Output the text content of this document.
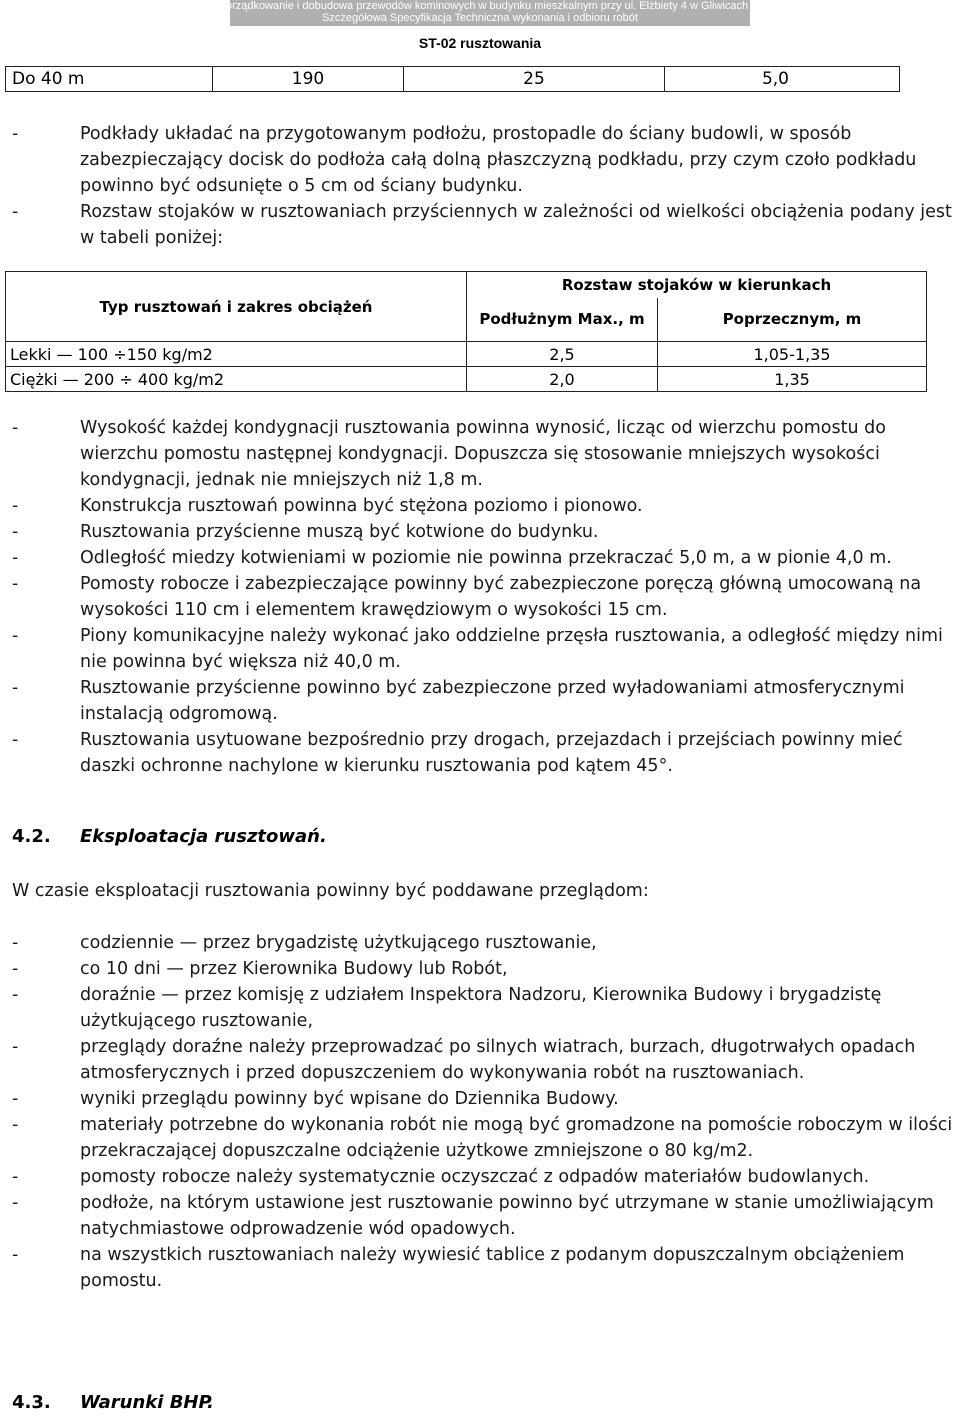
Uporządkowanie i dobudowa przewodów kominowych w budynku mieszkalnym przy ul. Elżbiety 4 w Gliwicach
Szczegółowa Specyfikacja Techniczna wykonania i odbioru robót
ST-02 rusztowania
Do 40 m	190	25	5,0
-	Podkłady układać na przygotowanym podłożu, prostopadle do ściany budowli, w sposób zabezpieczający docisk do podłoża całą dolną płaszczyzną podkładu, przy czym czoło podkładu powinno być odsunięte o 5 cm od ściany budynku.
-	Rozstaw stojaków w rusztowaniach przyściennych w zależności od wielkości obciążenia podany jest w tabeli poniżej:
Typ rusztowań i zakres obciążeń	Rozstaw stojaków w kierunkach	
	Podłużnym Max., m	Poprzecznym, m
Lekki — 100 ÷150 kg/m2	2,5	1,05-1,35
Ciężki — 200 ÷ 400 kg/m2	2,0	1,35
-	Wysokość każdej kondygnacji rusztowania powinna wynosić, licząc od wierzchu pomostu do wierzchu pomostu następnej kondygnacji. Dopuszcza się stosowanie mniejszych wysokości kondygnacji, jednak nie mniejszych niż 1,8 m.
-	Konstrukcja rusztowań powinna być stężona poziomo i pionowo.
-	Rusztowania przyścienne muszą być kotwione do budynku.
-	Odległość miedzy kotwieniami w poziomie nie powinna przekraczać 5,0 m, a w pionie 4,0 m.
-	Pomosty robocze i zabezpieczające powinny być zabezpieczone poręczą główną umocowaną na wysokości 110 cm i elementem krawędziowym o wysokości 15 cm.
-	Piony komunikacyjne należy wykonać jako oddzielne przęsła rusztowania, a odległość między nimi nie powinna być większa niż 40,0 m.
-	Rusztowanie przyścienne powinno być zabezpieczone przed wyładowaniami atmosferycznymi instalacją odgromową.
-	Rusztowania usytuowane bezpośrednio przy drogach, przejazdach i przejściach powinny mieć daszki ochronne nachylone w kierunku rusztowania pod kątem 45°.
4.2. Eksploatacja rusztowań.
W czasie eksploatacji rusztowania powinny być poddawane przeglądom:
-	codziennie — przez brygadzistę użytkującego rusztowanie,
-	co 10 dni — przez Kierownika Budowy lub Robót,
-	doraźnie — przez komisję z udziałem Inspektora Nadzoru, Kierownika Budowy i brygadzistę użytkującego rusztowanie,
-	przeglądy doraźne należy przeprowadzać po silnych wiatrach, burzach, długotrwałych opadach atmosferycznych i przed dopuszczeniem do wykonywania robót na rusztowaniach.
-	wyniki przeglądu powinny być wpisane do Dziennika Budowy.
-	materiały potrzebne do wykonania robót nie mogą być gromadzone na pomoście roboczym w ilości przekraczającej dopuszczalne odciążenie użytkowe zmniejszone o 80 kg/m2.
-	pomosty robocze należy systematycznie oczyszczać z odpadów materiałów budowlanych.
-	podłoże, na którym ustawione jest rusztowanie powinno być utrzymane w stanie umożliwiającym natychmiastowe odprowadzenie wód opadowych.
-	na wszystkich rusztowaniach należy wywiesić tablice z podanym dopuszczalnym obciążeniem pomostu.
4.3. Warunki BHP.
